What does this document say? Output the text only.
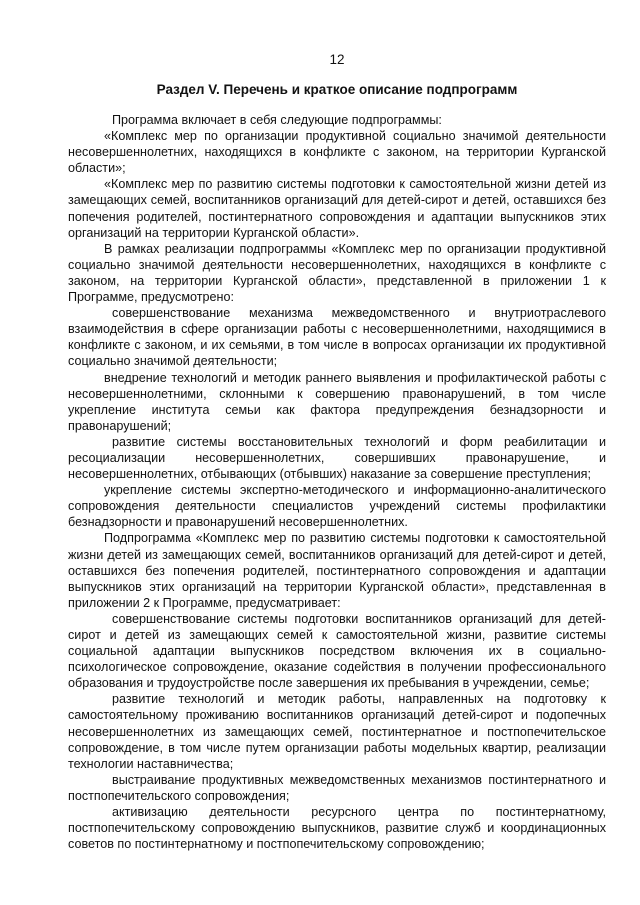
12
Раздел V. Перечень и краткое описание подпрограмм

Программа включает в себя следующие подпрограммы:

«Комплекс мер по организации продуктивной социально значимой деятельности несовершеннолетних, находящихся в конфликте с законом, на территории Курганской области»;

«Комплекс мер по развитию системы подготовки к самостоятельной жизни детей из замещающих семей, воспитанников организаций для детей-сирот и детей, оставшихся без попечения родителей, постинтернатного сопровождения и адаптации выпускников этих организаций на территории Курганской области».

В рамках реализации подпрограммы «Комплекс мер по организации продуктивной социально значимой деятельности несовершеннолетних, находящихся в конфликте с законом, на территории Курганской области», представленной в приложении 1 к Программе, предусмотрено:

совершенствование механизма межведомственного и внутриотраслевого взаимодействия в сфере организации работы с несовершеннолетними, находящимися в конфликте с законом, и их семьями, в том числе в вопросах организации их продуктивной социально значимой деятельности;

внедрение технологий и методик раннего выявления и профилактической работы с несовершеннолетними, склонными к совершению правонарушений, в том числе укрепление института семьи как фактора предупреждения безнадзорности и правонарушений;

развитие системы восстановительных технологий и форм реабилитации и ресоциализации несовершеннолетних, совершивших правонарушение, и несовершеннолетних, отбывающих (отбывших) наказание за совершение преступления;

укрепление системы экспертно-методического и информационно-аналитического сопровождения деятельности специалистов учреждений системы профилактики безнадзорности и правонарушений несовершеннолетних.

Подпрограмма «Комплекс мер по развитию системы подготовки к самостоятельной жизни детей из замещающих семей, воспитанников организаций для детей-сирот и детей, оставшихся без попечения родителей, постинтернатного сопровождения и адаптации выпускников этих организаций на территории Курганской области», представленная в приложении 2 к Программе, предусматривает:

совершенствование системы подготовки воспитанников организаций для детей-сирот и детей из замещающих семей к самостоятельной жизни, развитие системы социальной адаптации выпускников посредством включения их в социально-психологическое сопровождение, оказание содействия в получении профессионального образования и трудоустройстве после завершения их пребывания в учреждении, семье;

развитие технологий и методик работы, направленных на подготовку к самостоятельному проживанию воспитанников организаций детей-сирот и подопечных несовершеннолетних из замещающих семей, постинтернатное и постпопечительское сопровождение, в том числе путем организации работы модельных квартир, реализации технологии наставничества;

выстраивание продуктивных межведомственных механизмов постинтернатного и постпопечительского сопровождения;

активизацию деятельности ресурсного центра по постинтернатному, постпопечительскому сопровождению выпускников, развитие служб и координационных советов по постинтернатному и постпопечительскому сопровождению;
